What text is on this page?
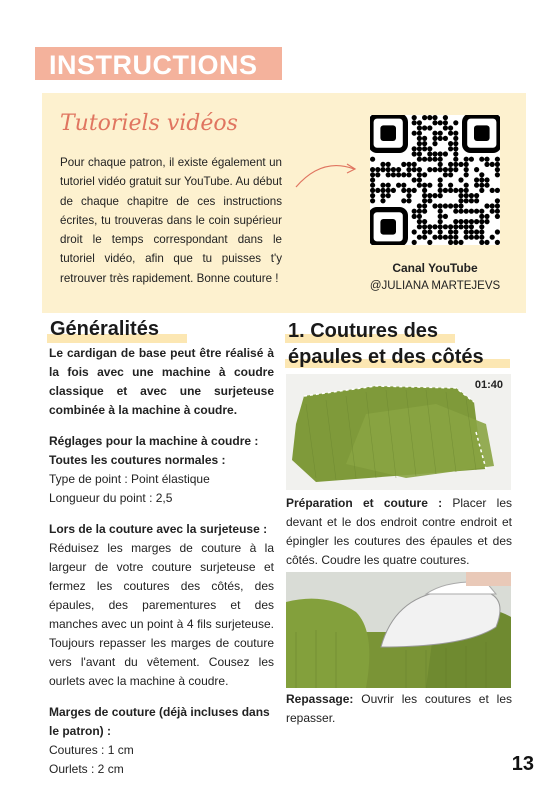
INSTRUCTIONS
Tutoriels vidéos
Pour chaque patron, il existe également un tutoriel vidéo gratuit sur YouTube. Au début de chaque chapitre de ces instructions écrites, tu trouveras dans le coin supérieur droit le temps correspondant dans le tutoriel vidéo, afin que tu puisses t'y retrouver très rapidement. Bonne couture !
Canal YouTube
@JULIANA MARTEJEVS
Généralités

Le cardigan de base peut être réalisé à la fois avec une machine à coudre classique et avec une surjeteuse combinée à la machine à coudre.

Réglages pour la machine à coudre :
Toutes les coutures normales :
Type de point : Point élastique
Longueur du point : 2,5
Lors de la couture avec la surjeteuse :

Réduisez les marges de couture à la largeur de votre couture surjeteuse et fermez les coutures des côtés, des épaules, des parementures et des manches avec un point à 4 fils surjeteuse. Toujours repasser les marges de couture vers l'avant du vêtement. Cousez les ourlets avec la machine à coudre.

Marges de couture (déjà incluses dans le patron) :
Coutures : 1 cm
Ourlets : 2 cm
1. Coutures des
épaules et des côtés
01:40

Préparation et couture : Placer les devant et le dos endroit contre endroit et épingler les coutures des épaules et des côtés. Coudre les quatre coutures.

Repassage: Ouvrir les coutures et les repasser.

13
